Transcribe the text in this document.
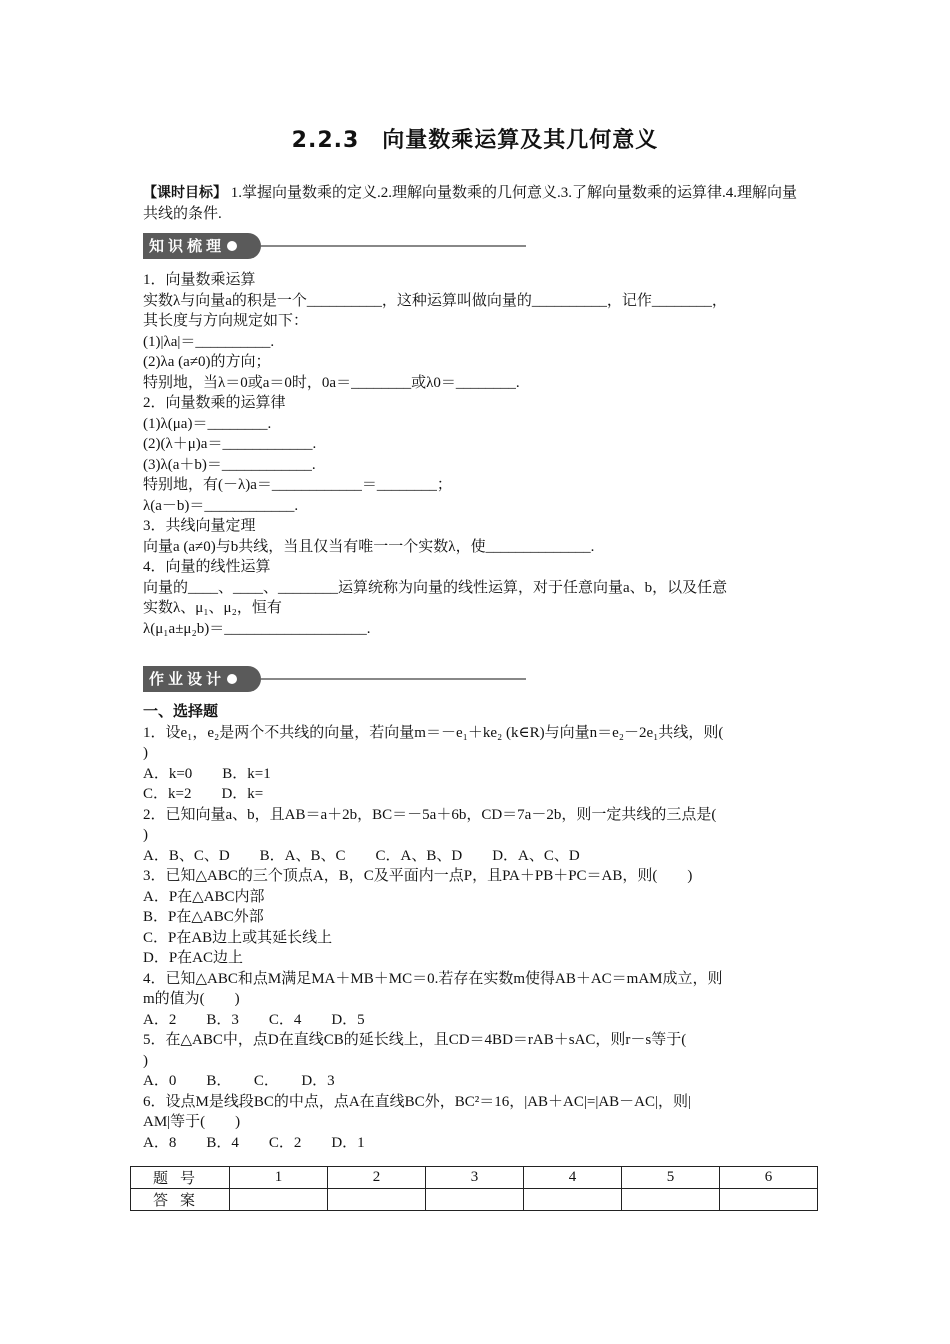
2.2.3　向量数乘运算及其几何意义
【课时目标】 1.掌握向量数乘的定义.2.理解向量数乘的几何意义.3.了解向量数乘的运算律.4.理解向量共线的条件.
知识梳理
1．向量数乘运算
实数λ与向量a的积是一个__________，这种运算叫做向量的__________，记作________，
其长度与方向规定如下：
(1)|λa|＝__________.
(2)λa (a≠0)的方向；
特别地，当λ＝0或a＝0时，0a＝________或λ0＝________.
2．向量数乘的运算律
(1)λ(μa)＝________.
(2)(λ＋μ)a＝____________.
(3)λ(a＋b)＝____________.
特别地，有(－λ)a＝____________＝________；
λ(a－b)＝____________.
3．共线向量定理
向量a (a≠0)与b共线，当且仅当有唯一一个实数λ，使______________.
4．向量的线性运算
向量的____、____、________运算统称为向量的线性运算，对于任意向量a、b，以及任意
实数λ、μ₁、μ₂，恒有
λ(μ₁a±μ₂b)＝___________________.
作业设计
一、选择题
1．设e₁，e₂是两个不共线的向量，若向量m＝－e₁＋ke₂ (k∈R)与向量n＝e₂－2e₁共线，则(
)
A．k=0　　B．k=1
C．k=2　　D．k=
2．已知向量a、b，且AB＝a＋2b，BC＝－5a＋6b，CD＝7a－2b，则一定共线的三点是(
)
A．B、C、D　　B．A、B、C　　C．A、B、D　　D．A、C、D
3．已知△ABC的三个顶点A，B，C及平面内一点P，且PA＋PB＋PC＝AB，则(　　)
A．P在△ABC内部
B．P在△ABC外部
C．P在AB边上或其延长线上
D．P在AC边上
4．已知△ABC和点M满足MA＋MB＋MC＝0.若存在实数m使得AB＋AC＝mAM成立，则
m的值为(　　)
A．2　　B．3　　C．4　　D．5
5．在△ABC中，点D在直线CB的延长线上，且CD＝4BD＝rAB＋sAC，则r－s等于(
)
A．0　　B．　　C．　　D．3
6．设点M是线段BC的中点，点A在直线BC外，BC²＝16，|AB＋AC|=|AB－AC|，则|
AM|等于(　　)
A．8　　B．4　　C．2　　D．1
题号	1	2	3	4	5	6
答案						
